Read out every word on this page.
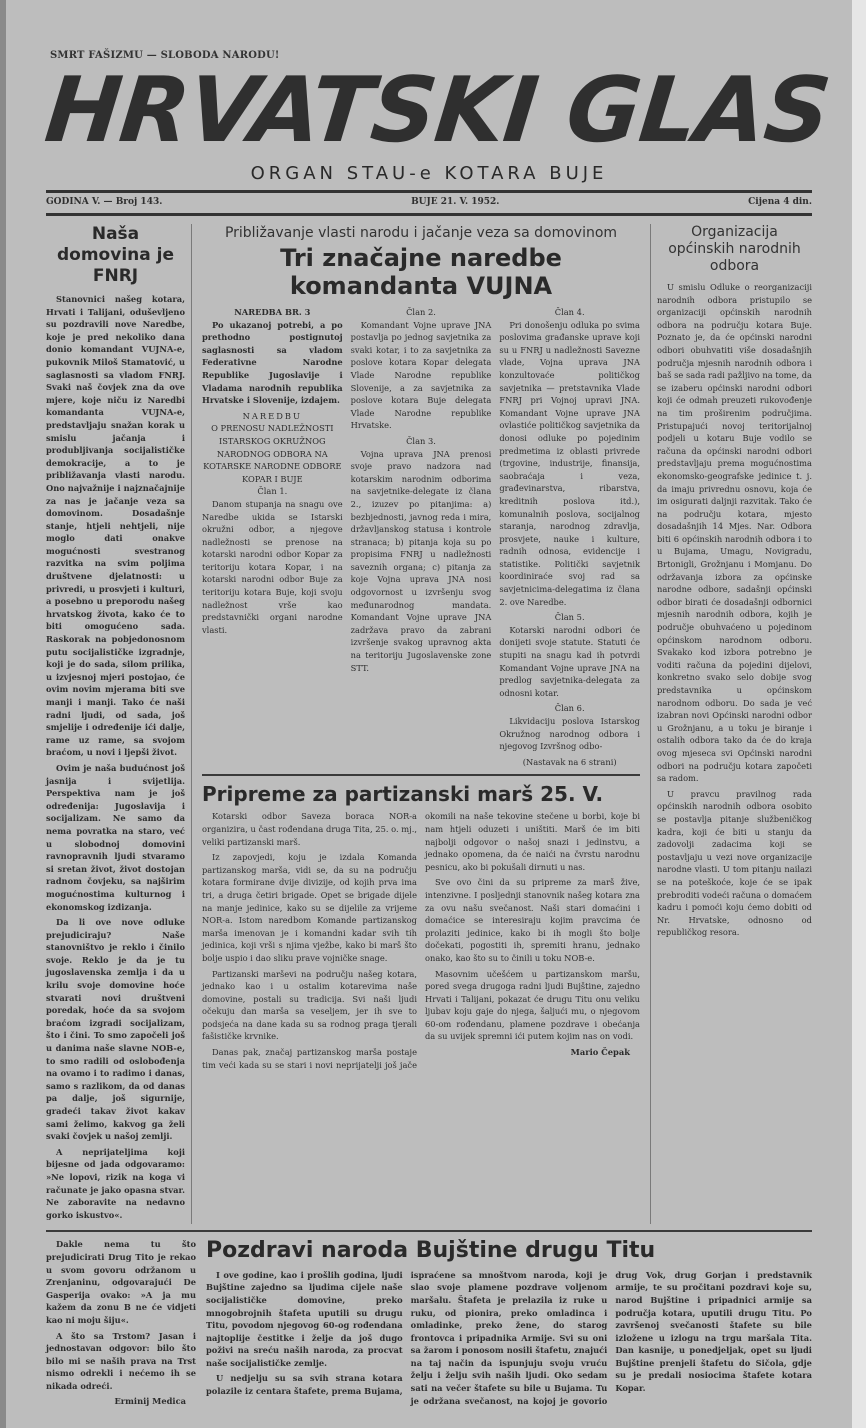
SMRT FAŠIZMU — SLOBODA NARODU!
HRVATSKI GLAS
ORGAN STAU-e KOTARA BUJE
GODINA V. — Broj 143.	BUJE 21. V. 1952.	Cijena 4 din.
Naša domovina je FNRJ

Stanovnici našeg kotara, Hrvati i Talijani, oduševljeno su pozdravili nove Naredbe, koje je pred nekoliko dana donio komandant VUJNA-e, pukovnik Miloš Stamatović, u saglasnosti sa vladom FNRJ. Svaki naš čovjek zna da ove mjere, koje niču iz Naredbi komandanta VUJNA-e, predstavljaju snažan korak u smislu jačanja i produbljivanja socijalističke demokracije, a to je približavanja vlasti narodu. Ono najvažnije i najznačajnije za nas je jačanje veza sa domovinom. Dosadašnje stanje, htjeli nehtjeli, nije moglo dati onakve mogućnosti svestranog razvitka na svim poljima društvene djelatnosti: u privredi, u prosvjeti i kulturi, a posebno u preporodu našeg hrvatskog života, kako će to biti omogućeno sada. Raskorak na pobjedonosnom putu socijalističke izgradnje, koji je do sada, silom prilika, u izvjesnoj mjeri postojao, će ovim novim mjerama biti sve manji i manji. Tako će naši radni ljudi, od sada, još smjelije i određenije ići dalje, rame uz rame, sa svojom braćom, u novi i ljepši život.

Ovim je naša budućnost još jasnija i svijetlija. Perspektiva nam je još određenija: Jugoslavija i socijalizam. Ne samo da nema povratka na staro, već u slobodnoj domovini ravnopravnih ljudi stvaramo si sretan život, život dostojan radnom čovjeku, sa najširim mogućnostima kulturnog i ekonomskog izdizanja.

Da li ove nove odluke prejudiciraju? Naše stanovništvo je reklo i činilo svoje. Reklo je da je tu jugoslavenska zemlja i da u krilu svoje domovine hoće stvarati novi društveni poredak, hoće da sa svojom braćom izgradi socijalizam, što i čini. To smo započeli još u danima naše slavne NOB-e, to smo radili od oslobođenja na ovamo i to radimo i danas, samo s razlikom, da od danas pa dalje, još sigurnije, gradeći takav život kakav sami želimo, kakvog ga želi svaki čovjek u našoj zemlji.

A neprijateljima koji bijesne od jada odgovaramo: »Ne lopovi, rizik na koga vi računate je jako opasna stvar. Ne zaboravite na nedavno gorko iskustvo«.

Približavanje vlasti narodu i jačanje veza sa domovinom
Tri značajne naredbe komandanta VUJNA
NAREDBA BR. 3

Po ukazanoj potrebi, a po prethodno postignutoj saglasnosti sa vladom Federativne Narodne Republike Jugoslavije i Vladama narodnih republika Hrvatske i Slovenije, izdajem.

NAREDBU
O PRENOSU NADLEŽNOSTI ISTARSKOG OKRUŽNOG NARODNOG ODBORA NA KOTARSKE NARODNE ODBORE KOPAR I BUJE
Član 1.

Danom stupanja na snagu ove Naredbe ukida se Istarski okružni odbor, a njegove nadležnosti se prenose na kotarski narodni odbor Kopar za teritoriju kotara Kopar, i na kotarski narodni odbor Buje za teritoriju kotara Buje, koji svoju nadležnost vrše kao predstavnički organi narodne vlasti.

Član 2.

Komandant Vojne uprave JNA postavlja po jednog savjetnika za svaki kotar, i to za savjetnika za poslove kotara Kopar delegata Vlade Narodne republike Slovenije, a za savjetnika za poslove kotara Buje delegata Vlade Narodne republike Hrvatske.

Član 3.

Vojna uprava JNA prenosi svoje pravo nadzora nad kotarskim narodnim odborima na savjetnike-delegate iz člana 2., izuzev po pitanjima: a) bezbjednosti, javnog reda i mira, državljanskog statusa i kontrole stranaca; b) pitanja koja su po propisima FNRJ u nadležnosti saveznih organa; c) pitanja za koje Vojna uprava JNA nosi odgovornost u izvršenju svog međunarodnog mandata. Komandant Vojne uprave JNA zadržava pravo da zabrani izvršenje svakog upravnog akta na teritoriju Jugoslavenske zone STT.

Član 4.

Pri donošenju odluka po svima poslovima građanske uprave koji su u FNRJ u nadležnosti Savezne vlade, Vojna uprava JNA konzultovaće političkog savjetnika — pretstavnika Vlade FNRJ pri Vojnoj upravi JNA. Komandant Vojne uprave JNA ovlastiće političkog savjetnika da donosi odluke po pojedinim predmetima iz oblasti privrede (trgovine, industrije, finansija, saobraćaja i veza, građevinarstva, ribarstva, kreditnih poslova itd.), komunalnih poslova, socijalnog staranja, narodnog zdravlja, prosvjete, nauke i kulture, radnih odnosa, evidencije i statistike. Politički savjetnik koordiniraće svoj rad sa savjetnicima-delegatima iz člana 2. ove Naredbe.

Član 5.

Kotarski narodni odbori će donijeti svoje statute. Statuti će stupiti na snagu kad ih potvrdi Komandant Vojne uprave JNA na predlog savjetnika-delegata za odnosni kotar.

Član 6.

Likvidaciju poslova Istarskog Okružnog narodnog odbora i njegovog Izvršnog odbo-

(Nastavak na 6 strani)
Pripreme za partizanski marš 25. V.

Kotarski odbor Saveza boraca NOR-a organizira, u čast rođendana druga Tita, 25. o. mj., veliki partizanski marš.

Iz zapovjedi, koju je izdala Komanda partizanskog marša, vidi se, da su na području kotara formirane dvije divizije, od kojih prva ima tri, a druga četiri brigade. Opet se brigade dijele na manje jedinice, kako su se dijelile za vrijeme NOR-a. Istom naredbom Komande partizanskog marša imenovan je i komandni kadar svih tih jedinica, koji vrši s njima vježbe, kako bi marš što bolje uspio i dao sliku prave vojničke snage.

Partizanski marševi na području našeg kotara, jednako kao i u ostalim kotarevima naše domovine, postali su tradicija. Svi naši ljudi očekuju dan marša sa veseljem, jer ih sve to podsjeća na dane kada su sa rodnog praga tjerali fašističke krvnike.

Danas pak, značaj partizanskog marša postaje tim veći kada su se stari i novi neprijatelji još jače okomili na naše tekovine stečene u borbi, koje bi nam htjeli oduzeti i uništiti. Marš će im biti najbolji odgovor o našoj snazi i jedinstvu, a jednako opomena, da će naići na čvrstu narodnu pesnicu, ako bi pokušali dirnuti u nas.

Sve ovo čini da su pripreme za marš žive, intenzivne. I posljednji stanovnik našeg kotara zna za ovu našu svečanost. Naši stari domaćini i domaćice se interesiraju kojim pravcima će prolaziti jedinice, kako bi ih mogli što bolje dočekati, pogostiti ih, spremiti hranu, jednako onako, kao što su to činili u toku NOB-e.

Masovnim učešćem u partizanskom maršu, pored svega drugoga radni ljudi Bujštine, zajedno Hrvati i Talijani, pokazat će drugu Titu onu veliku ljubav koju gaje do njega, šaljući mu, o njegovom 60-om rođendanu, plamene pozdrave i obećanja da su uvijek spremni ići putem kojim nas on vodi.

Mario Čepak
Organizacija općinskih narodnih odbora

U smislu Odluke o reorganizaciji narodnih odbora pristupilo se organizaciji općinskih narodnih odbora na području kotara Buje. Poznato je, da će općinski narodni odbori obuhvatiti više dosadašnjih područja mjesnih narodnih odbora i baš se sada radi pažljivo na tome, da se izaberu općinski narodni odbori koji će odmah preuzeti rukovođenje na tim proširenim područjima. Pristupajući novoj teritorijalnoj podjeli u kotaru Buje vodilo se računa da općinski narodni odbori predstavljaju prema mogućnostima ekonomsko-geografske jedinice t. j. da imaju privrednu osnovu, koja će im osigurati daljnji razvitak. Tako će na području kotara, mjesto dosadašnjih 14 Mjes. Nar. Odbora biti 6 općinskih narodnih odbora i to u Bujama, Umagu, Novigradu, Brtonigli, Grožnjanu i Momjanu. Do održavanja izbora za općinske narodne odbore, sadašnji općinski odbor birati će dosadašnji odbornici mjesnih narodnih odbora, kojih je područje obuhvaćeno u pojedinom općinskom narodnom odboru. Svakako kod izbora potrebno je voditi računa da pojedini dijelovi, konkretno svako selo dobije svog predstavnika u općinskom narodnom odboru. Do sada je već izabran novi Općinski narodni odbor u Grožnjanu, a u toku je biranje i ostalih odbora tako da će do kraja ovog mjeseca svi Općinski narodni odbori na području kotara započeti sa radom.

U pravcu pravilnog rada općinskih narodnih odbora osobito se postavlja pitanje službeničkog kadra, koji će biti u stanju da zadovolji zadacima koji se postavljaju u vezi nove organizacije narodne vlasti. U tom pitanju nailazi se na poteškoće, koje će se ipak prebroditi vodeći računa o domaćem kadru i pomoći koju ćemo dobiti od Nr. Hrvatske, odnosno od republičkog resora.

Dakle nema tu što prejudicirati Drug Tito je rekao u svom govoru održanom u Zrenjaninu, odgovarajući De Gasperija ovako: »A ja mu kažem da zonu B ne će vidjeti kao ni moju šiju«.

A što sa Trstom? Jasan i jednostavan odgovor: bilo što bilo mi se naših prava na Trst nismo odrekli i nećemo ih se nikada odreći.

Erminij Medica
Pozdravi naroda Bujštine drugu Titu

I ove godine, kao i prošlih godina, ljudi Bujštine zajedno sa ljudima cijele naše socijalističke domovine, preko mnogobrojnih štafeta uputili su drugu Titu, povodom njegovog 60-og rođendana najtoplije čestitke i želje da još dugo poživi na sreću naših naroda, za procvat naše socijalističke zemlje.

U nedjelju su sa svih strana kotara polazile iz centara štafete, prema Bujama, ispraćene sa mnoštvom naroda, koji je slao svoje plamene pozdrave voljenom maršalu. Štafeta je prelazila iz ruke u ruku, od pionira, preko omladinca i omladinke, preko žene, do starog frontovca i pripadnika Armije. Svi su oni sa žarom i ponosom nosili štafetu, znajući na taj način da ispunjuju svoju vruću želju i želju svih naših ljudi. Oko sedam sati na večer štafete su bile u Bujama. Tu je održana svečanost, na kojoj je govorio drug Vok, drug Gorjan i predstavnik armije, te su pročitani pozdravi koje su, narod Bujštine i pripadnici armije sa područja kotara, uputili drugu Titu. Po završenoj svečanosti štafete su bile izložene u izlogu na trgu maršala Tita. Dan kasnije, u ponedjeljak, opet su ljudi Bujštine prenjeli štafetu do Sičola, gdje su je predali nosiocima štafete kotara Kopar.
